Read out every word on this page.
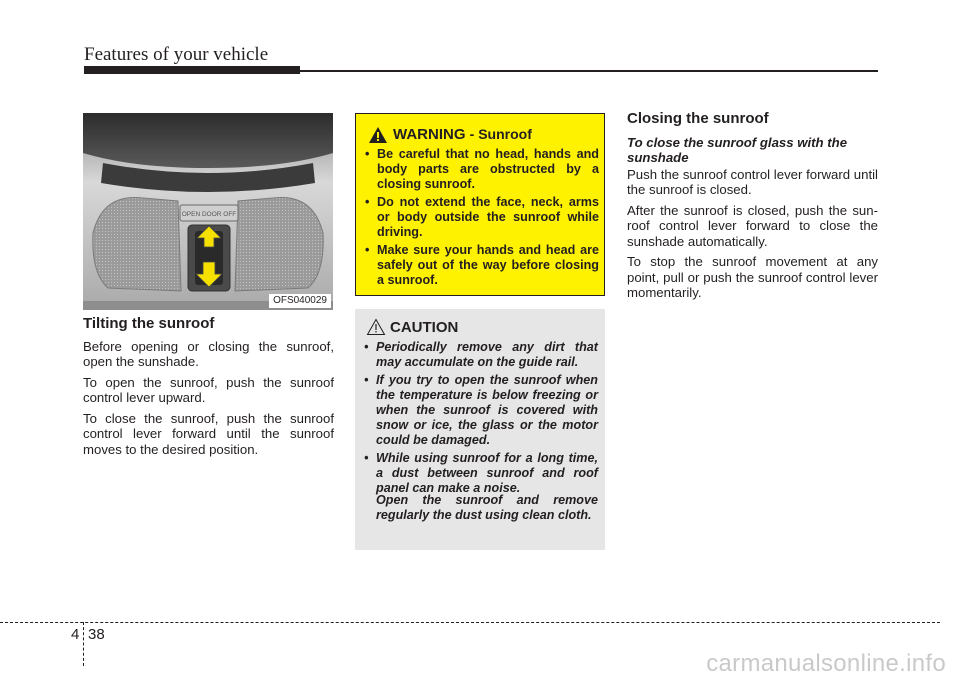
Features of your vehicle
OPEN DOOR OFF
OFS040029
Tilting the sunroof

Before opening or closing the sunroof, open the sunshade.

To open the sunroof, push the sunroof control lever upward.

To close the sunroof, push the sunroof control lever forward until the sunroof moves to the desired position.

WARNING - Sunroof
• Be careful that no head, hands and body parts are obstructed by a closing sunroof.
• Do not extend the face, neck, arms or body outside the sunroof while driving.
• Make sure your hands and head are safely out of the way before closing a sunroof.
CAUTION
• Periodically remove any dirt that may accumulate on the guide rail.
• If you try to open the sunroof when the temperature is below freezing or when the sunroof is covered with snow or ice, the glass or the motor could be damaged.
• While using sunroof for a long time, a dust between sunroof and roof panel can make a noise.
Open the sunroof and remove regularly the dust using clean cloth.
Closing the sunroof
To close the sunroof glass with the sunshade

Push the sunroof control lever forward until the sunroof is closed.

After the sunroof is closed, push the sun-roof control lever forward to close the sunshade automatically.

To stop the sunroof movement at any point, pull or push the sunroof control lever momentarily.

4 38
carmanualsonline.info
